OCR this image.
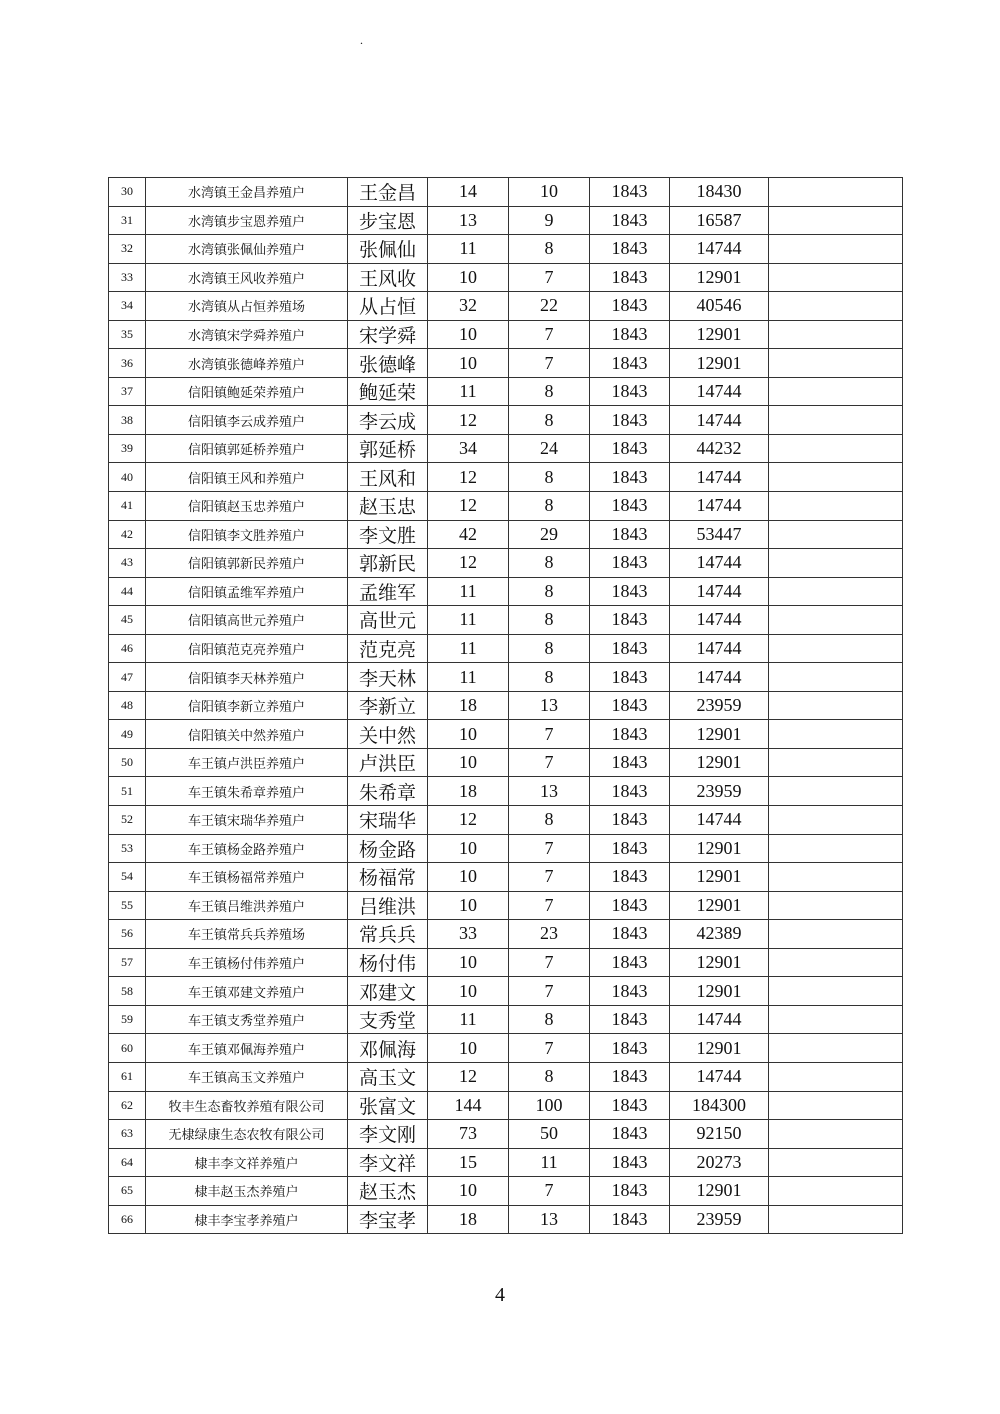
.
30	水湾镇王金昌养殖户	王金昌	14	10	1843	18430	
31	水湾镇步宝恩养殖户	步宝恩	13	9	1843	16587	
32	水湾镇张佩仙养殖户	张佩仙	11	8	1843	14744	
33	水湾镇王风收养殖户	王风收	10	7	1843	12901	
34	水湾镇从占恒养殖场	从占恒	32	22	1843	40546	
35	水湾镇宋学舜养殖户	宋学舜	10	7	1843	12901	
36	水湾镇张德峰养殖户	张德峰	10	7	1843	12901	
37	信阳镇鲍延荣养殖户	鲍延荣	11	8	1843	14744	
38	信阳镇李云成养殖户	李云成	12	8	1843	14744	
39	信阳镇郭延桥养殖户	郭延桥	34	24	1843	44232	
40	信阳镇王风和养殖户	王风和	12	8	1843	14744	
41	信阳镇赵玉忠养殖户	赵玉忠	12	8	1843	14744	
42	信阳镇李文胜养殖户	李文胜	42	29	1843	53447	
43	信阳镇郭新民养殖户	郭新民	12	8	1843	14744	
44	信阳镇孟维军养殖户	孟维军	11	8	1843	14744	
45	信阳镇高世元养殖户	高世元	11	8	1843	14744	
46	信阳镇范克亮养殖户	范克亮	11	8	1843	14744	
47	信阳镇李天林养殖户	李天林	11	8	1843	14744	
48	信阳镇李新立养殖户	李新立	18	13	1843	23959	
49	信阳镇关中然养殖户	关中然	10	7	1843	12901	
50	车王镇卢洪臣养殖户	卢洪臣	10	7	1843	12901	
51	车王镇朱希章养殖户	朱希章	18	13	1843	23959	
52	车王镇宋瑞华养殖户	宋瑞华	12	8	1843	14744	
53	车王镇杨金路养殖户	杨金路	10	7	1843	12901	
54	车王镇杨福常养殖户	杨福常	10	7	1843	12901	
55	车王镇吕维洪养殖户	吕维洪	10	7	1843	12901	
56	车王镇常兵兵养殖场	常兵兵	33	23	1843	42389	
57	车王镇杨付伟养殖户	杨付伟	10	7	1843	12901	
58	车王镇邓建文养殖户	邓建文	10	7	1843	12901	
59	车王镇支秀堂养殖户	支秀堂	11	8	1843	14744	
60	车王镇邓佩海养殖户	邓佩海	10	7	1843	12901	
61	车王镇高玉文养殖户	高玉文	12	8	1843	14744	
62	牧丰生态畜牧养殖有限公司	张富文	144	100	1843	184300	
63	无棣绿康生态农牧有限公司	李文刚	73	50	1843	92150	
64	棣丰李文祥养殖户	李文祥	15	11	1843	20273	
65	棣丰赵玉杰养殖户	赵玉杰	10	7	1843	12901	
66	棣丰李宝孝养殖户	李宝孝	18	13	1843	23959	
4
